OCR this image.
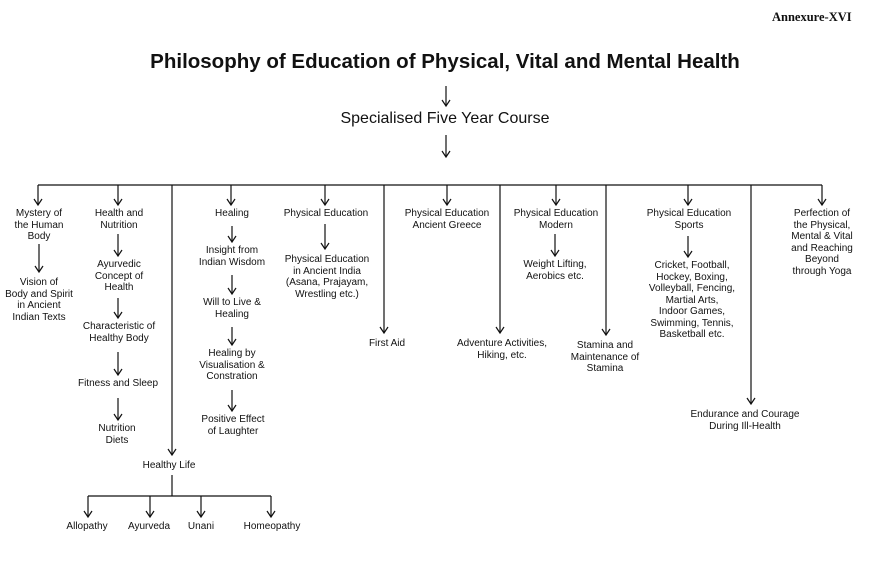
Annexure-XVI
Philosophy of Education of Physical, Vital and Mental Health
Specialised Five Year Course
Mystery of
the Human
Body
Vision of
Body and Spirit
in Ancient
Indian Texts
Health and
Nutrition
Ayurvedic
Concept of
Health
Characteristic of
Healthy Body
Fitness and Sleep
Nutrition
Diets
Healthy Life
Allopathy Ayurveda Unani	Homeopathy
Healing
Insight from
Indian Wisdom
Will to Live &
Healing
Healing by
Visualisation &
Constration
Positive Effect
of Laughter
Physical Education
Physical Education
in Ancient India
(Asana, Prajayam,
Wrestling etc.)
First Aid
Physical Education
Ancient Greece
Adventure Activities,
Hiking, etc.
Physical Education
Modern
Weight Lifting,
Aerobics etc.
Stamina and
Maintenance of
Stamina
Physical Education
Sports
Cricket, Football,
Hockey, Boxing,
Volleyball, Fencing,
Martial Arts,
Indoor Games,
Swimming, Tennis,
Basketball etc.
Endurance and Courage
During Ill-Health
Perfection of
the Physical,
Mental & Vital
and Reaching
Beyond
through Yoga
